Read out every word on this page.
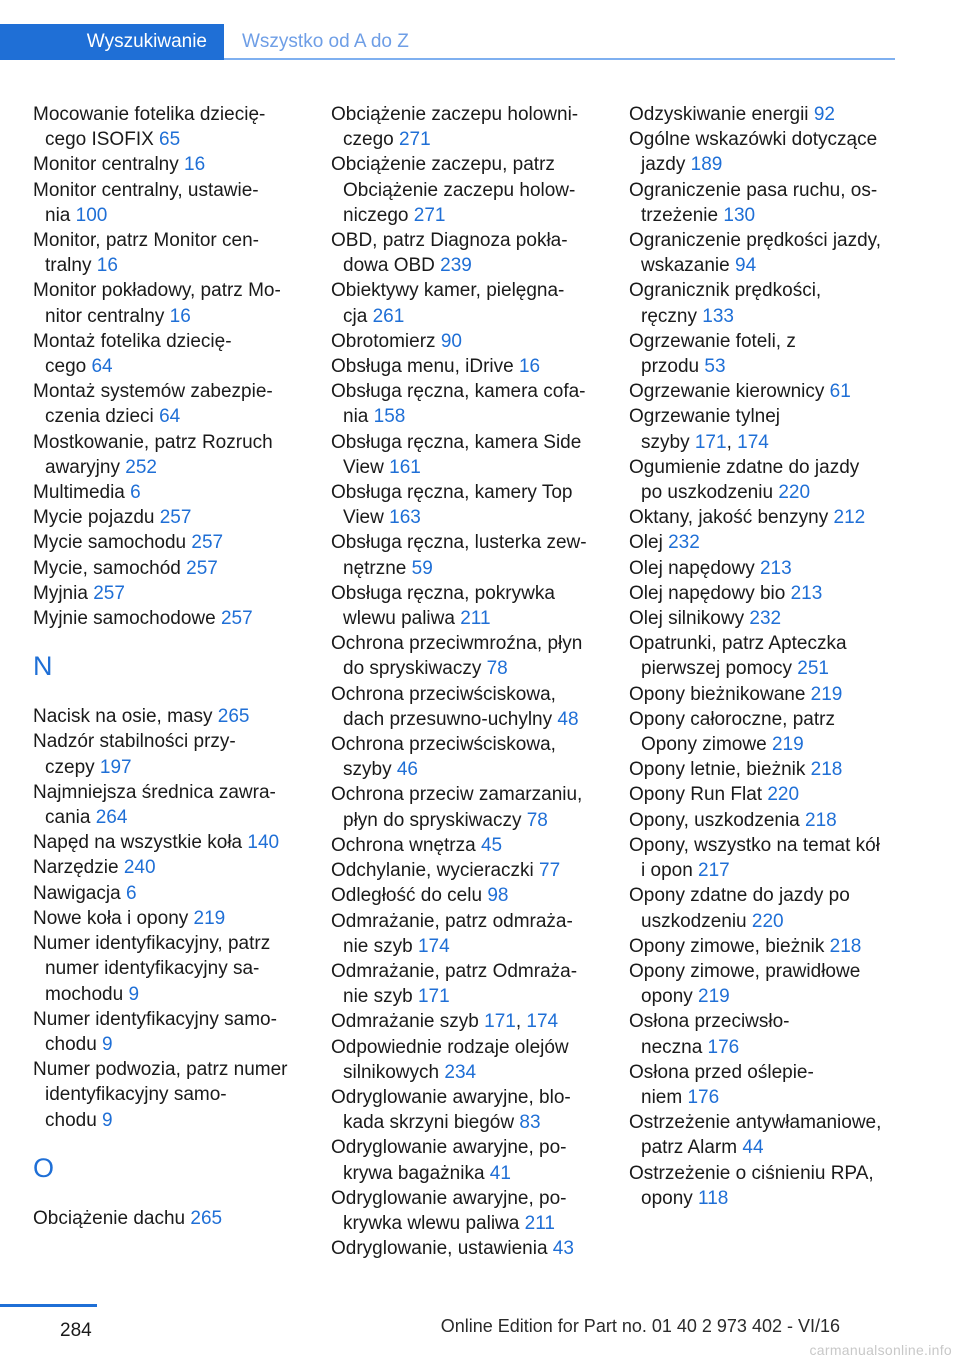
Wyszukiwanie Wszystko od A do Z
Mocowanie fotelika dziecię-
cego ISOFIX 65
Monitor centralny 16
Monitor centralny, ustawie-
nia 100
Monitor, patrz Monitor cen-
tralny 16
Monitor pokładowy, patrz Mo-
nitor centralny 16
Montaż fotelika dziecię-
cego 64
Montaż systemów zabezpie-
czenia dzieci 64
Mostkowanie, patrz Rozruch
awaryjny 252
Multimedia 6
Mycie pojazdu 257
Mycie samochodu 257
Mycie, samochód 257
Myjnia 257
Myjnie samochodowe 257
N
Nacisk na osie, masy 265
Nadzór stabilności przy-
czepy 197
Najmniejsza średnica zawra-
cania 264
Napęd na wszystkie koła 140
Narzędzie 240
Nawigacja 6
Nowe koła i opony 219
Numer identyfikacyjny, patrz
numer identyfikacyjny sa-
mochodu 9
Numer identyfikacyjny samo-
chodu 9
Numer podwozia, patrz numer
identyfikacyjny samo-
chodu 9
O
Obciążenie dachu 265
Obciążenie zaczepu holowni-
czego 271
Obciążenie zaczepu, patrz
Obciążenie zaczepu holow-
niczego 271
OBD, patrz Diagnoza pokła-
dowa OBD 239
Obiektywy kamer, pielęgna-
cja 261
Obrotomierz 90
Obsługa menu, iDrive 16
Obsługa ręczna, kamera cofa-
nia 158
Obsługa ręczna, kamera Side
View 161
Obsługa ręczna, kamery Top
View 163
Obsługa ręczna, lusterka zew-
nętrzne 59
Obsługa ręczna, pokrywka
wlewu paliwa 211
Ochrona przeciwmroźna, płyn
do spryskiwaczy 78
Ochrona przeciwściskowa,
dach przesuwno-uchylny 48
Ochrona przeciwściskowa,
szyby 46
Ochrona przeciw zamarzaniu,
płyn do spryskiwaczy 78
Ochrona wnętrza 45
Odchylanie, wycieraczki 77
Odległość do celu 98
Odmrażanie, patrz odmraża-
nie szyb 174
Odmrażanie, patrz Odmraża-
nie szyb 171
Odmrażanie szyb 171, 174
Odpowiednie rodzaje olejów
silnikowych 234
Odryglowanie awaryjne, blo-
kada skrzyni biegów 83
Odryglowanie awaryjne, po-
krywa bagażnika 41
Odryglowanie awaryjne, po-
krywka wlewu paliwa 211
Odryglowanie, ustawienia 43
Odzyskiwanie energii 92
Ogólne wskazówki dotyczące
jazdy 189
Ograniczenie pasa ruchu, os-
trzeżenie 130
Ograniczenie prędkości jazdy,
wskazanie 94
Ogranicznik prędkości,
ręczny 133
Ogrzewanie foteli, z
przodu 53
Ogrzewanie kierownicy 61
Ogrzewanie tylnej
szyby 171, 174
Ogumienie zdatne do jazdy
po uszkodzeniu 220
Oktany, jakość benzyny 212
Olej 232
Olej napędowy 213
Olej napędowy bio 213
Olej silnikowy 232
Opatrunki, patrz Apteczka
pierwszej pomocy 251
Opony bieżnikowane 219
Opony całoroczne, patrz
Opony zimowe 219
Opony letnie, bieżnik 218
Opony Run Flat 220
Opony, uszkodzenia 218
Opony, wszystko na temat kół
i opon 217
Opony zdatne do jazdy po
uszkodzeniu 220
Opony zimowe, bieżnik 218
Opony zimowe, prawidłowe
opony 219
Osłona przeciwsło-
neczna 176
Osłona przed oślepie-
niem 176
Ostrzeżenie antywłamaniowe,
patrz Alarm 44
Ostrzeżenie o ciśnieniu RPA,
opony 118
284	Online Edition for Part no. 01 40 2 973 402 - VI/16
carmanualsonline.info
